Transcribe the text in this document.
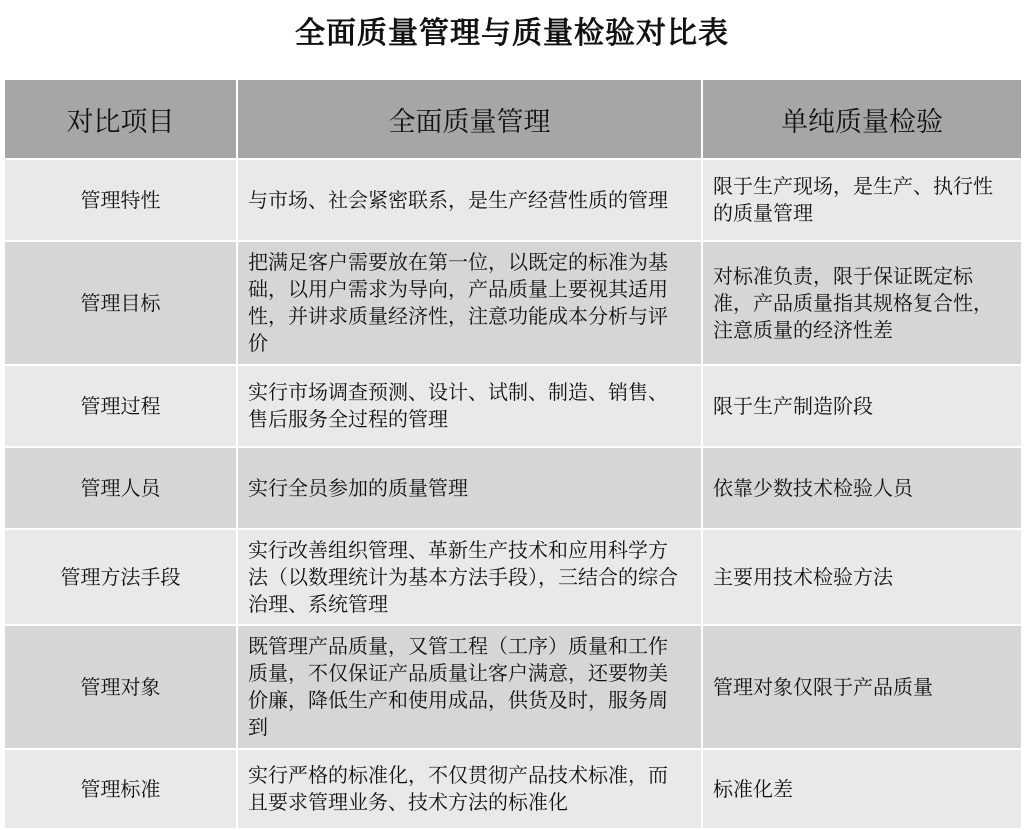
全面质量管理与质量检验对比表
对比项目	全面质量管理	单纯质量检验
管理特性	与市场、社会紧密联系，是生产经营性质的管理	限于生产现场，是生产、执行性的质量管理
管理目标	把满足客户需要放在第一位，以既定的标准为基础，以用户需求为导向，产品质量上要视其适用性，并讲求质量经济性，注意功能成本分析与评价	对标准负责，限于保证既定标准，产品质量指其规格复合性，注意质量的经济性差
管理过程	实行市场调查预测、设计、试制、制造、销售、售后服务全过程的管理	限于生产制造阶段
管理人员	实行全员参加的质量管理	依靠少数技术检验人员
管理方法手段	实行改善组织管理、革新生产技术和应用科学方法（以数理统计为基本方法手段），三结合的综合治理、系统管理	主要用技术检验方法
管理对象	既管理产品质量，又管工程（工序）质量和工作质量，不仅保证产品质量让客户满意，还要物美价廉，降低生产和使用成品，供货及时，服务周到	管理对象仅限于产品质量
管理标准	实行严格的标准化，不仅贯彻产品技术标准，而且要求管理业务、技术方法的标准化	标准化差
